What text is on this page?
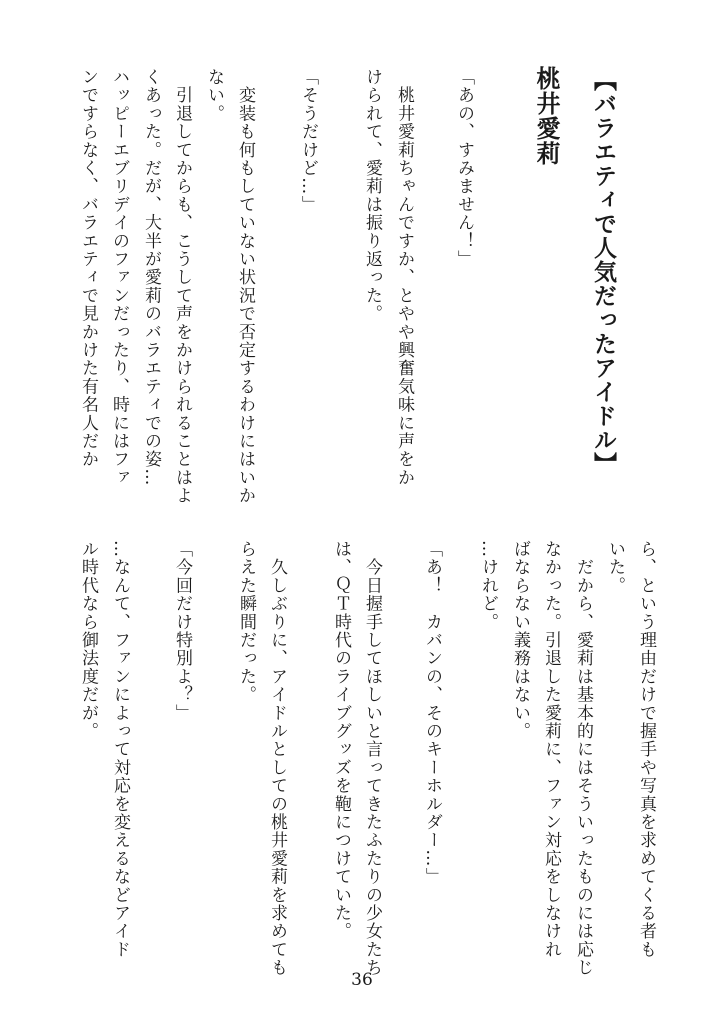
【バラエティで人気だったアイドル】
桃井愛莉
「あの、すみません！」
　桃井愛莉ちゃんですか、とやや興奮気味に声をか
けられて、愛莉は振り返った。
「そうだけど…」
　変装も何もしていない状況で否定するわけにはいか
ない。
　引退してからも、こうして声をかけられることはよ
くあった。だが、大半が愛莉のバラエティでの姿…
ハッピーエブリデイのファンだったり、時にはファ
ンですらなく、バラエティで見かけた有名人だか
ら、という理由だけで握手や写真を求めてくる者も
いた。
　だから、愛莉は基本的にはそういったものには応じ
なかった。引退した愛莉に、ファン対応をしなけれ
ばならない義務はない。
…けれど。
「あ！　カバンの、そのキーホルダー…」
　今日握手してほしいと言ってきたふたりの少女たち
は、ＱＴ時代のライブグッズを鞄につけていた。
　久しぶりに、アイドルとしての桃井愛莉を求めても
らえた瞬間だった。
「今回だけ特別よ？」
…なんて、ファンによって対応を変えるなどアイド
ル時代なら御法度だが。
36
